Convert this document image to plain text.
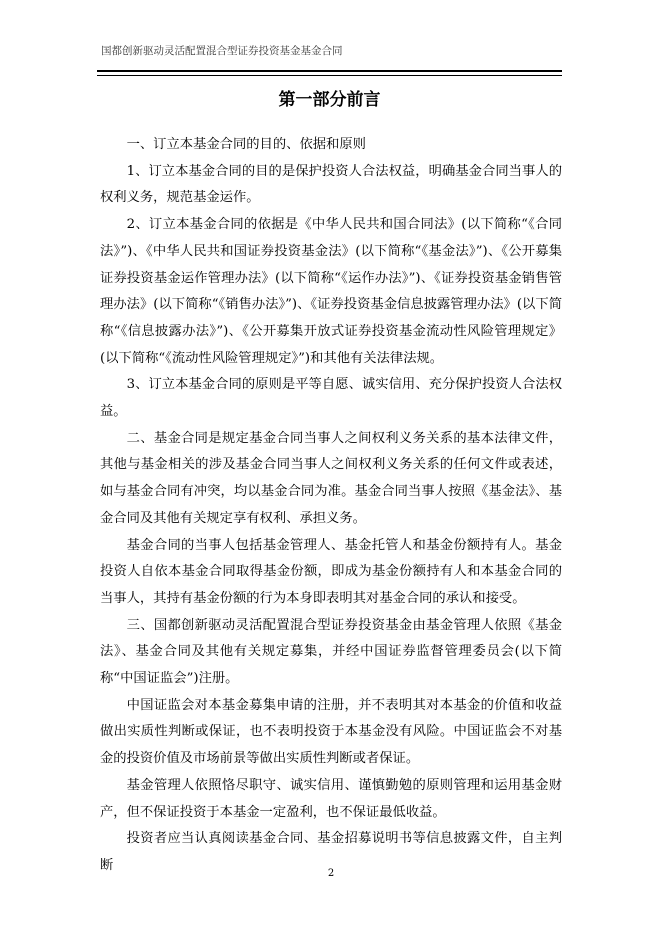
国都创新驱动灵活配置混合型证券投资基金基金合同
第一部分前言

一、订立本基金合同的目的、依据和原则

1、订立本基金合同的目的是保护投资人合法权益，明确基金合同当事人的权利义务，规范基金运作。

2、订立本基金合同的依据是《中华人民共和国合同法》(以下简称“《合同法》”)、《中华人民共和国证券投资基金法》(以下简称“《基金法》”)、《公开募集证券投资基金运作管理办法》(以下简称“《运作办法》”)、《证券投资基金销售管理办法》(以下简称“《销售办法》”)、《证券投资基金信息披露管理办法》(以下简称“《信息披露办法》”)、《公开募集开放式证券投资基金流动性风险管理规定》(以下简称“《流动性风险管理规定》”)和其他有关法律法规。

3、订立本基金合同的原则是平等自愿、诚实信用、充分保护投资人合法权益。

二、基金合同是规定基金合同当事人之间权利义务关系的基本法律文件，其他与基金相关的涉及基金合同当事人之间权利义务关系的任何文件或表述，如与基金合同有冲突，均以基金合同为准。基金合同当事人按照《基金法》、基金合同及其他有关规定享有权利、承担义务。

基金合同的当事人包括基金管理人、基金托管人和基金份额持有人。基金投资人自依本基金合同取得基金份额，即成为基金份额持有人和本基金合同的当事人，其持有基金份额的行为本身即表明其对基金合同的承认和接受。

三、国都创新驱动灵活配置混合型证券投资基金由基金管理人依照《基金法》、基金合同及其他有关规定募集，并经中国证券监督管理委员会(以下简称“中国证监会”)注册。

中国证监会对本基金募集申请的注册，并不表明其对本基金的价值和收益做出实质性判断或保证，也不表明投资于本基金没有风险。中国证监会不对基金的投资价值及市场前景等做出实质性判断或者保证。

基金管理人依照恪尽职守、诚实信用、谨慎勤勉的原则管理和运用基金财产，但不保证投资于本基金一定盈利，也不保证最低收益。

投资者应当认真阅读基金合同、基金招募说明书等信息披露文件，自主判断

2
